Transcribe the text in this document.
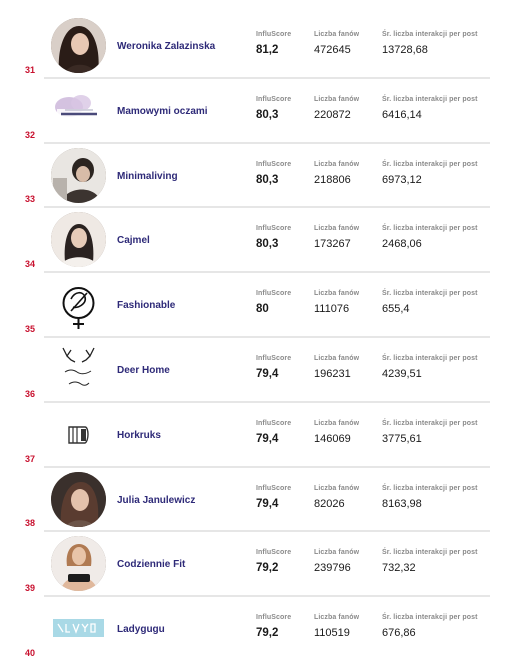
Weronika Zalazinska
InfluScore
81,2
Liczba fanów
472645
Śr. liczba interakcji per post
13728,68
31
Mamowymi oczami
InfluScore
80,3
Liczba fanów
220872
Śr. liczba interakcji per post
6416,14
32
Minimaliving
InfluScore
80,3
Liczba fanów
218806
Śr. liczba interakcji per post
6973,12
33
Cajmel
InfluScore
80,3
Liczba fanów
173267
Śr. liczba interakcji per post
2468,06
34
Fashionable
InfluScore
80
Liczba fanów
111076
Śr. liczba interakcji per post
655,4
35
Deer Home
InfluScore
79,4
Liczba fanów
196231
Śr. liczba interakcji per post
4239,51
36
Horkruks
InfluScore
79,4
Liczba fanów
146069
Śr. liczba interakcji per post
3775,61
37
Julia Janulewicz
InfluScore
79,4
Liczba fanów
82026
Śr. liczba interakcji per post
8163,98
38
Codziennie Fit
InfluScore
79,2
Liczba fanów
239796
Śr. liczba interakcji per post
732,32
39
Ladygugu
InfluScore
79,2
Liczba fanów
110519
Śr. liczba interakcji per post
676,86
40
